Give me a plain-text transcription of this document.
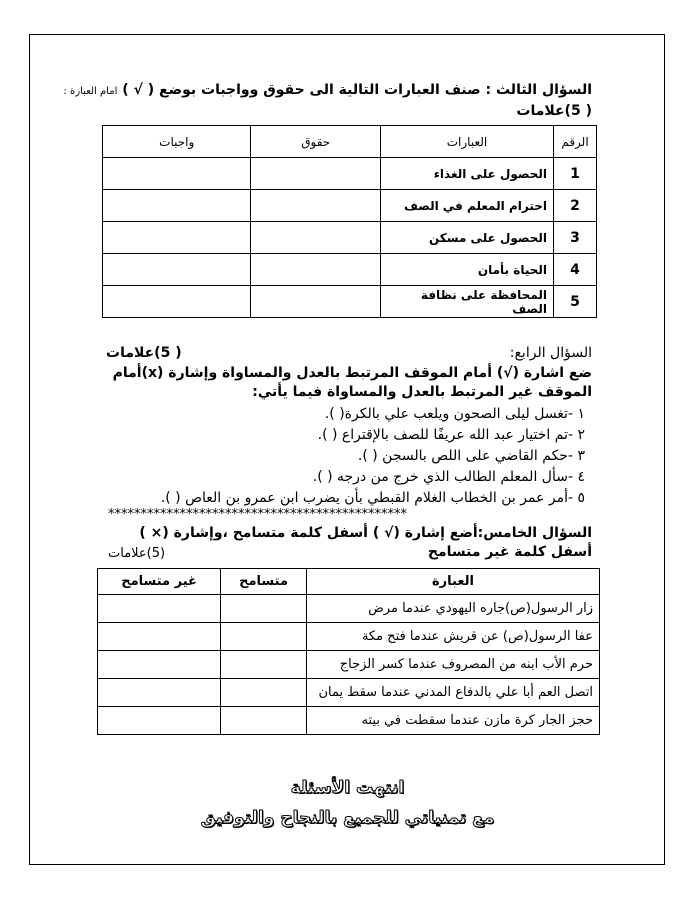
السؤال الثالث : صنف العبارات التالية الى حقوق وواجبات بوضع ( √ ) امام العبارة :
( 5)علامات
الرقم	العبارات	حقوق	واجبات
1	الحصول على الغذاء		
2	احترام المعلم في الصف		
3	الحصول على مسكن		
4	الحياة بأمان		
5	المحافظة على نظافة الصف		
السؤال الرابع:
( 5)علامات
ضع اشارة (√) أمام الموقف المرتبط بالعدل والمساواة وإشارة (x)أمام الموقف غير المرتبط بالعدل والمساواة فيما يأتي:
١ -تغسل ليلى الصحون ويلعب علي بالكرة( ).
٢ -تم اختيار عبد الله عريفًا للصف بالإقتراع ( ).
٣ -حكم القاضي على اللص بالسجن ( ).
٤ -سأل المعلم الطالب الذي خرج من درجه ( ).
٥ -أمر عمر بن الخطاب الغلام القبطي بأن يضرب ابن عمرو بن العاص ( ).
**********************************************
السؤال الخامس:أضع إشارة (√ ) أسفل كلمة متسامح ،وإشارة (× ) أسفل كلمة غير متسامح
(5)علامات
العبارة	متسامح	غير متسامح
زار الرسول(ص)جاره اليهودي عندما مرض		
عفا الرسول(ص) عن قريش عندما فتح مكة		
حرم الأب ابنه من المصروف عندما كسر الزجاج		
اتصل العم أبا علي بالدفاع المدني عندما سقط يمان		
حجز الجار كرة مازن عندما سقطت في بيته		
انتهت الأسئلة
مع تمنياتي للجميع بالنجاح والتوفيق
